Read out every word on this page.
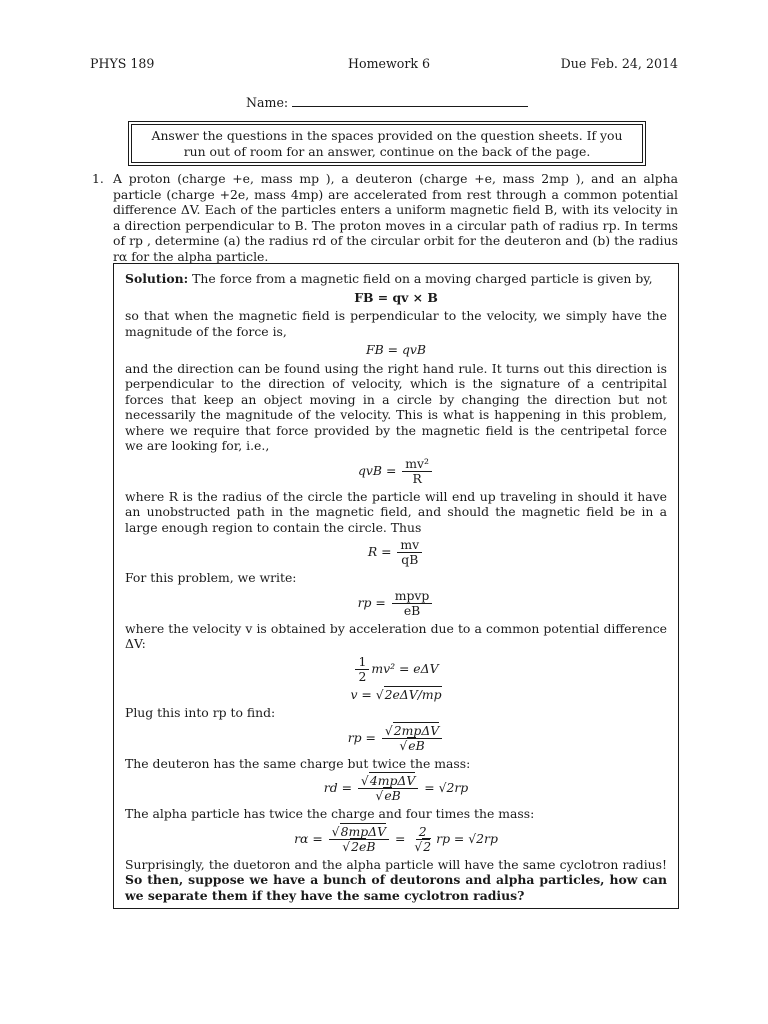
PHYS 189	Homework 6	Due Feb. 24, 2014
Name:
Answer the questions in the spaces provided on the question sheets. If you run out of room for an answer, continue on the back of the page.
1. A proton (charge +e, mass mp ), a deuteron (charge +e, mass 2mp ), and an alpha particle (charge +2e, mass 4mp) are accelerated from rest through a common potential difference ΔV. Each of the particles enters a uniform magnetic field B, with its velocity in a direction perpendicular to B. The proton moves in a circular path of radius rp. In terms of rp , determine (a) the radius rd of the circular orbit for the deuteron and (b) the radius rα for the alpha particle.

Solution: The force from a magnetic field on a moving charged particle is given by,

FB = qv × B

so that when the magnetic field is perpendicular to the velocity, we simply have the magnitude of the force is,

FB = qvB

and the direction can be found using the right hand rule. It turns out this direction is perpendicular to the direction of velocity, which is the signature of a centripital forces that keep an object moving in a circle by changing the direction but not necessarily the magnitude of the velocity. This is what is happening in this problem, where we require that force provided by the magnetic field is the centripetal force we are looking for, i.e.,

qvB = $\frac{\text{mv²}}{R}$

where R is the radius of the circle the particle will end up traveling in should it have an unobstructed path in the magnetic field, and should the magnetic field be in a large enough region to contain the circle. Thus

$R = \frac{mv}{qB}$

For this problem, we write:

rp = $\frac{\text{mpvp}}{eB}$

where the velocity v is obtained by acceleration due to a common potential difference ΔV:

$\frac{1}{2} mv^2 = e\Delta V$
v = √2eΔV/mp

Plug this into rp to find:

rp = $\frac{\text{√2mpΔV}}{√eB}$

The deuteron has the same charge but twice the mass:

rd = $\frac{\text{√4mpΔV}}{√eB} = √2rp$

The alpha particle has twice the charge and four times the mass:

$r\alpha = \frac{\text{√8mpΔV}}{√2eB} = \frac{2}{√2}$ rp = √2rp

Surprisingly, the duetoron and the alpha particle will have the same cyclotron radius! So then, suppose we have a bunch of deutorons and alpha particles, how can we separate them if they have the same cyclotron radius?
